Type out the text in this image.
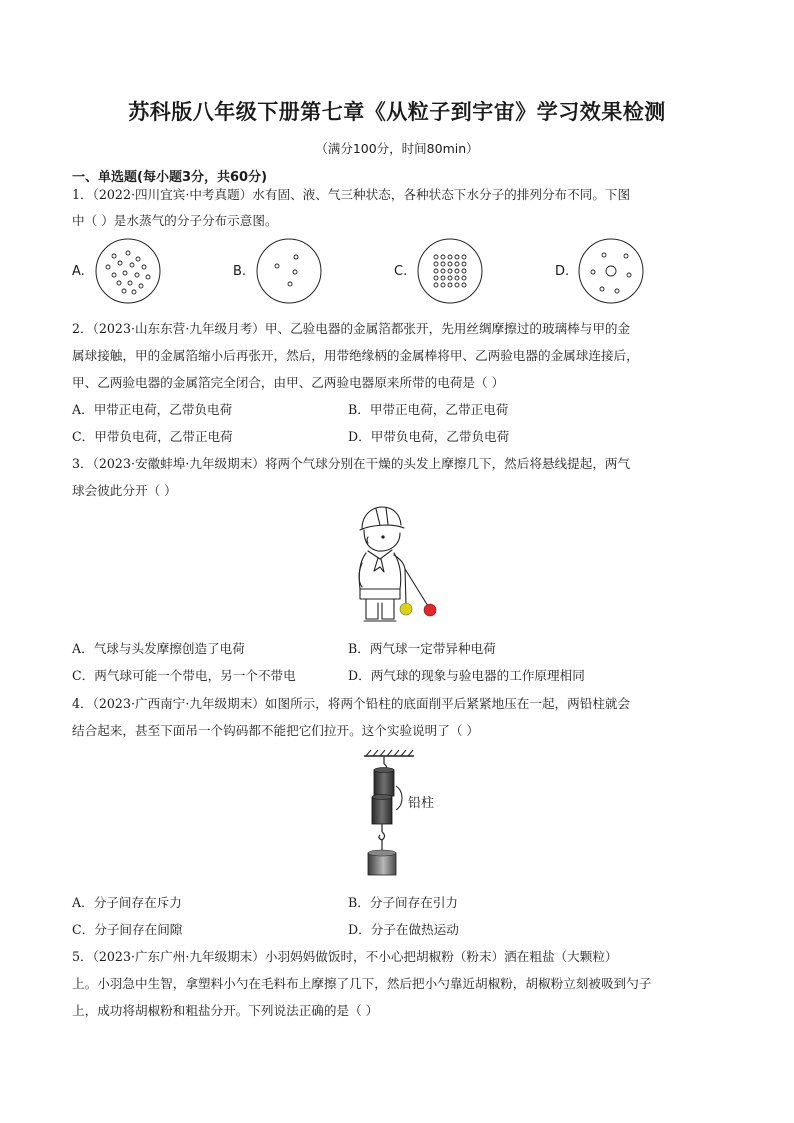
苏科版八年级下册第七章《从粒子到宇宙》学习效果检测
（满分100分，时间80min）
一、单选题(每小题3分，共60分)
1．（2022·四川宜宾·中考真题）水有固、液、气三种状态，各种状态下水分子的排列分布不同。下图
中（ ）是水蒸气的分子分布示意图。
A.	B.	C.	D.
2．（2023·山东东营·九年级月考）甲、乙验电器的金属箔都张开，先用丝绸摩擦过的玻璃棒与甲的金
属球接触，甲的金属箔缩小后再张开，然后，用带绝缘柄的金属棒将甲、乙两验电器的金属球连接后，
甲、乙两验电器的金属箔完全闭合，由甲、乙两验电器原来所带的电荷是（ ）
A．甲带正电荷，乙带负电荷	B．甲带正电荷，乙带正电荷
C．甲带负电荷，乙带正电荷	D．甲带负电荷，乙带负电荷
3．（2023·安徽蚌埠·九年级期末）将两个气球分别在干燥的头发上摩擦几下，然后将悬线提起，两气
球会彼此分开（ ）
A．气球与头发摩擦创造了电荷	B．两气球一定带异种电荷
C．两气球可能一个带电，另一个不带电	D．两气球的现象与验电器的工作原理相同
4．（2023·广西南宁·九年级期末）如图所示，将两个铅柱的底面削平后紧紧地压在一起，两铅柱就会
结合起来，甚至下面吊一个钩码都不能把它们拉开。这个实验说明了（ ）
铅柱
A．分子间存在斥力	B．分子间存在引力
C．分子间存在间隙	D．分子在做热运动
5．（2023·广东广州·九年级期末）小羽妈妈做饭时，不小心把胡椒粉（粉末）洒在粗盐（大颗粒）
上。小羽急中生智，拿塑料小勺在毛料布上摩擦了几下，然后把小勺靠近胡椒粉，胡椒粉立刻被吸到勺子
上，成功将胡椒粉和粗盐分开。下列说法正确的是（ ）
